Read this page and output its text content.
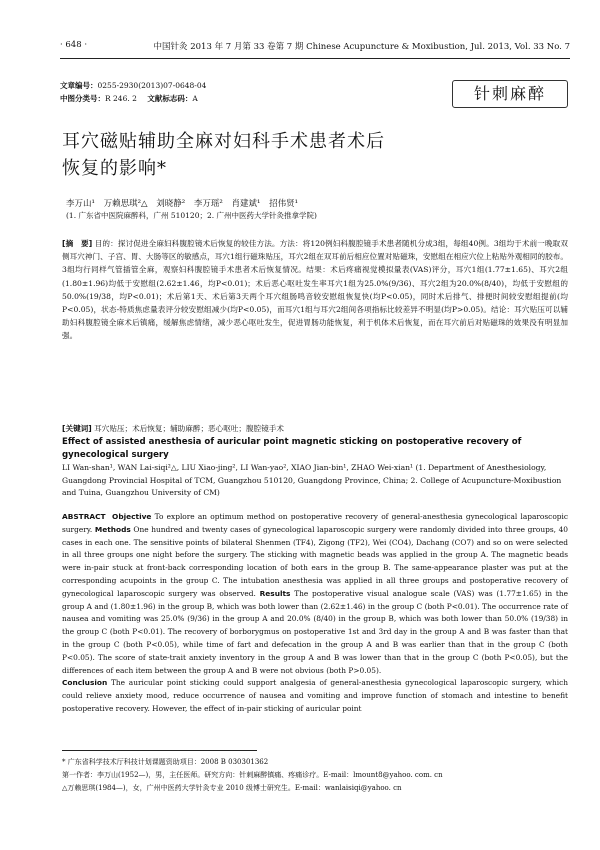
· 648 ·	中国针灸 2013 年 7 月第 33 卷第 7 期 Chinese Acupuncture & Moxibustion, Jul. 2013, Vol. 33 No. 7
文章编号：0255-2930(2013)07-0648-04
中图分类号：R 246. 2 文献标志码：A	针刺麻醉
耳穴磁贴辅助全麻对妇科手术患者术后
恢复的影响*
李万山¹ 万赖思琪²△ 刘晓静² 李万瑶² 肖建斌¹ 招伟贤¹
(1. 广东省中医院麻醉科，广州 510120；2. 广州中医药大学针灸推拿学院)
[摘　要] 目的：探讨促进全麻妇科腹腔镜术后恢复的较佳方法。方法：将120例妇科腹腔镜手术患者随机分成3组，每组40例。3组均于术前一晚取双侧耳穴神门、子宫、胃、大肠等区的敏感点，耳穴1组行磁珠贴压，耳穴2组在双耳前后相应位置对贴磁珠，安慰组在相应穴位上粘贴外观相同的胶布。3组均行同样气管插管全麻，观察妇科腹腔镜手术患者术后恢复情况。结果：术后疼痛视觉模拟量表(VAS)评分，耳穴1组(1.77±1.65)、耳穴2组(1.80±1.96)均低于安慰组(2.62±1.46，均P<0.01)；术后恶心呕吐发生率耳穴1组为25.0%(9/36)、耳穴2组为20.0%(8/40)，均低于安慰组的50.0%(19/38，均P<0.01)；术后第1天、术后第3天两个耳穴组肠鸣音较安慰组恢复快(均P<0.05)，同时术后排气、排便时间较安慰组提前(均P<0.05)，状态-特质焦虑量表评分较安慰组减少(均P<0.05)，而耳穴1组与耳穴2组间各项指标比较差异不明显(均P>0.05)。结论：耳穴贴压可以辅助妇科腹腔镜全麻术后镇痛，缓解焦虑情绪，减少恶心呕吐发生，促进胃肠功能恢复，利于机体术后恢复，而在耳穴前后对贴磁珠的效果没有明显加强。
[关键词] 耳穴贴压；术后恢复；辅助麻醉；恶心呕吐；腹腔镜手术
Effect of assisted anesthesia of auricular point magnetic sticking on postoperative recovery of gynecological surgery
LI Wan-shan¹, WAN Lai-siqi²△, LIU Xiao-jing², LI Wan-yao², XIAO Jian-bin¹, ZHAO Wei-xian¹ (1. Department of Anesthesiology, Guangdong Provincial Hospital of TCM, Guangzhou 510120, Guangdong Province, China; 2. College of Acupuncture-Moxibustion and Tuina, Guangzhou University of CM)
ABSTRACT Objective To explore an optimum method on postoperative recovery of general-anesthesia gynecological laparoscopic surgery. Methods One hundred and twenty cases of gynecological laparoscopic surgery were randomly divided into three groups, 40 cases in each one. The sensitive points of bilateral Shenmen (TF4), Zigong (TF2), Wei (CO4), Dachang (CO7) and so on were selected in all three groups one night before the surgery. The sticking with magnetic beads was applied in the group A. The magnetic beads were in-pair stuck at front-back corresponding location of both ears in the group B. The same-appearance plaster was put at the corresponding acupoints in the group C. The intubation anesthesia was applied in all three groups and postoperative recovery of gynecological laparoscopic surgery was observed. Results The postoperative visual analogue scale (VAS) was (1.77±1.65) in the group A and (1.80±1.96) in the group B, which was both lower than (2.62±1.46) in the group C (both P<0.01). The occurrence rate of nausea and vomiting was 25.0% (9/36) in the group A and 20.0% (8/40) in the group B, which was both lower than 50.0% (19/38) in the group C (both P<0.01). The recovery of borborygmus on postoperative 1st and 3rd day in the group A and B was faster than that in the group C (both P<0.05), while time of fart and defecation in the group A and B was earlier than that in the group C (both P<0.05). The score of state-trait anxiety inventory in the group A and B was lower than that in the group C (both P<0.05), but the differences of each item between the group A and B were not obvious (both P>0.05).
Conclusion The auricular point sticking could support analgesia of general-anesthesia gynecological laparoscopic surgery, which could relieve anxiety mood, reduce occurrence of nausea and vomiting and improve function of stomach and intestine to benefit postoperative recovery. However, the effect of in-pair sticking of auricular point
* 广东省科学技术厅科技计划课题资助项目：2008 B 030301362
第一作者：李万山(1952—)，男，主任医师。研究方向：针刺麻醉镇痛、疼痛诊疗。E-mail：lmount8@yahoo. com. cn
△万赖思琪(1984—)，女，广州中医药大学针灸专业 2010 级博士研究生。E-mail：wanlaisiqi@yahoo. cn
